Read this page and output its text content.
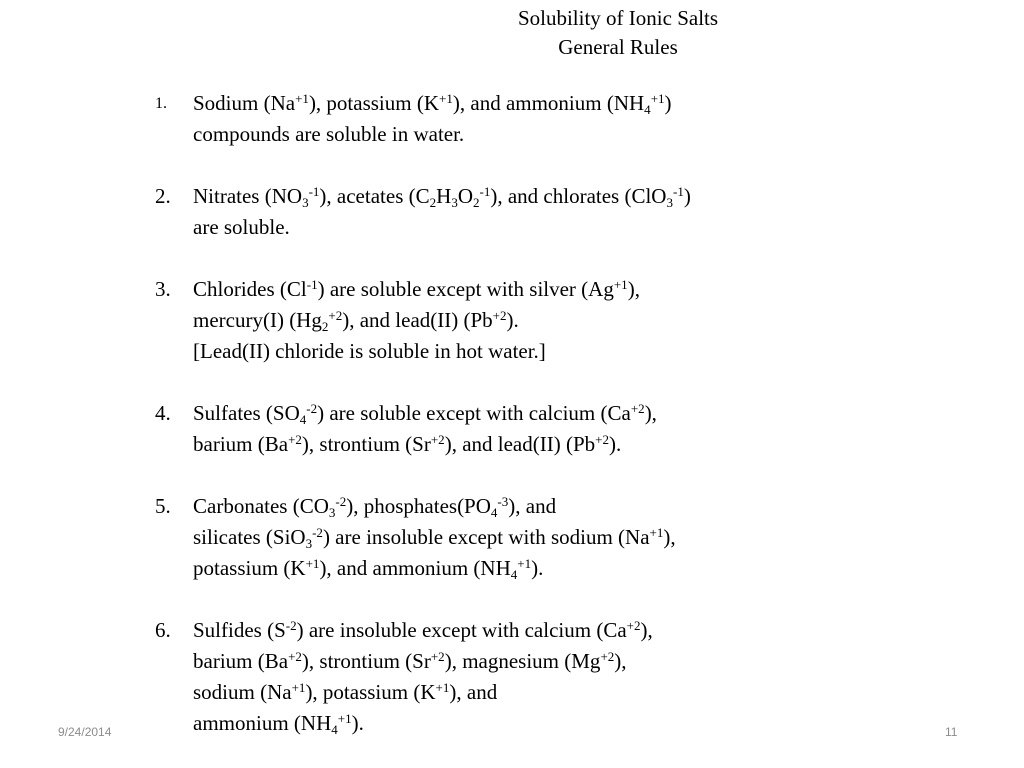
Solubility of Ionic Salts
General Rules
1. Sodium $(Na^{+1})$, potassium $(K^{+1})$, and ammonium $(NH_4^{+1})$
compounds are soluble in water.
2. Nitrates $(NO_3^{-1})$, acetates $(C_2H_3O_2^{-1})$, and chlorates (ClO$_3^{-1}$)
are soluble.
3. Chlorides $(Cl^{-1})$ are soluble except with silver $(Ag^{+1})$,
mercury(I) $(Hg_2^{+2})$, and lead(II) $(Pb^{+2})$.
[Lead(II) chloride is soluble in hot water.]
4. Sulfates $(SO_4^{-2})$ are soluble except with calcium $(Ca^{+2})$,
barium $(Ba^{+2})$, strontium $(Sr^{+2})$, and lead(II) $(Pb^{+2})$.
5. Carbonates $(CO_3^{-2})$, $phosphates(PO_4^{-3})$, and
silicates (SiO$_3^{-2}$) are insoluble except with sodium $(Na^{+1})$,
potassium $(K^{+1})$, and ammonium $(NH_4^{+1})$.
6. Sulfides $(S^{-2})$ are insoluble except with calcium $(Ca^{+2})$,
barium $(Ba^{+2})$, strontium $(Sr^{+2})$, magnesium $(Mg^{+2})$,
sodium $(Na^{+1})$, potassium $(K^{+1})$, and
ammonium $(NH_4^{+1})$.
9/24/2014	11
